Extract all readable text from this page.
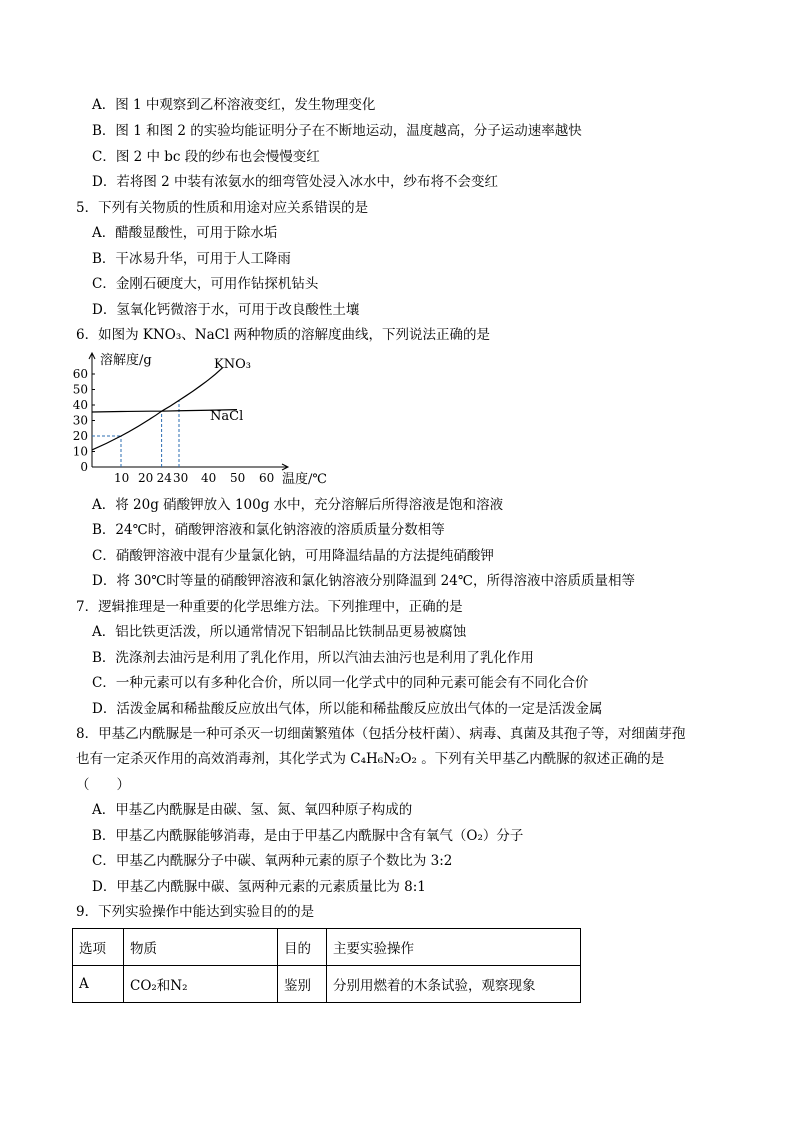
A．图 1 中观察到乙杯溶液变红，发生物理变化
B．图 1 和图 2 的实验均能证明分子在不断地运动，温度越高，分子运动速率越快
C．图 2 中 bc 段的纱布也会慢慢变红
D．若将图 2 中装有浓氨水的细弯管处浸入冰水中，纱布将不会变红
5．下列有关物质的性质和用途对应关系错误的是
A．醋酸显酸性，可用于除水垢
B．干冰易升华，可用于人工降雨
C．金刚石硬度大，可用作钻探机钻头
D．氢氧化钙微溶于水，可用于改良酸性土壤
6．如图为 KNO₃、NaCl 两种物质的溶解度曲线，下列说法正确的是
0
10
20
30
40
50
60
10 20 24 30 40 50 60
溶解度/g
温度/℃
KNO₃
NaCl
A．将 20g 硝酸钾放入 100g 水中，充分溶解后所得溶液是饱和溶液
B．24℃时，硝酸钾溶液和氯化钠溶液的溶质质量分数相等
C．硝酸钾溶液中混有少量氯化钠，可用降温结晶的方法提纯硝酸钾
D．将 30℃时等量的硝酸钾溶液和氯化钠溶液分别降温到 24℃，所得溶液中溶质质量相等
7．逻辑推理是一种重要的化学思维方法。下列推理中，正确的是
A．铝比铁更活泼，所以通常情况下铝制品比铁制品更易被腐蚀
B．洗涤剂去油污是利用了乳化作用，所以汽油去油污也是利用了乳化作用
C．一种元素可以有多种化合价，所以同一化学式中的同种元素可能会有不同化合价
D．活泼金属和稀盐酸反应放出气体，所以能和稀盐酸反应放出气体的一定是活泼金属
8．甲基乙内酰脲是一种可杀灭一切细菌繁殖体（包括分枝杆菌）、病毒、真菌及其孢子等，对细菌芽孢
也有一定杀灭作用的高效消毒剂，其化学式为 C₄H₆N₂O₂ 。下列有关甲基乙内酰脲的叙述正确的是
（　　）
A．甲基乙内酰脲是由碳、氢、氮、氧四种原子构成的
B．甲基乙内酰脲能够消毒，是由于甲基乙内酰脲中含有氧气（O₂）分子
C．甲基乙内酰脲分子中碳、氧两种元素的原子个数比为 3:2
D．甲基乙内酰脲中碳、氢两种元素的元素质量比为 8:1
9．下列实验操作中能达到实验目的的是
选项	物质	目的	主要实验操作
A	CO₂和N₂	鉴别	分别用燃着的木条试验，观察现象
